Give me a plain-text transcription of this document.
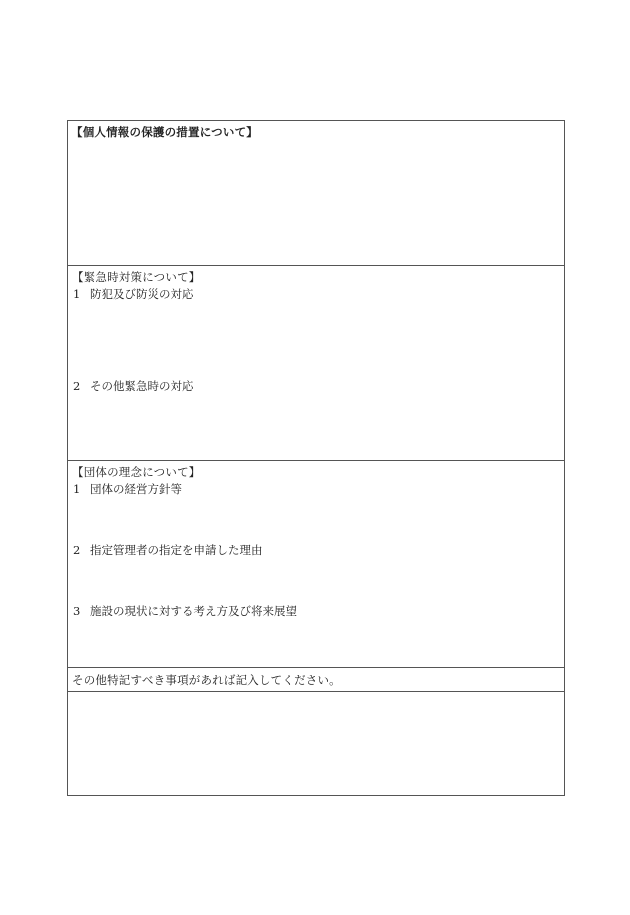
【個人情報の保護の措置について】
【緊急時対策について】
1 防犯及び防災の対応
2 その他緊急時の対応
【団体の理念について】
1 団体の経営方針等
2 指定管理者の指定を申請した理由
3 施設の現状に対する考え方及び将来展望
その他特記すべき事項があれば記入してください。
